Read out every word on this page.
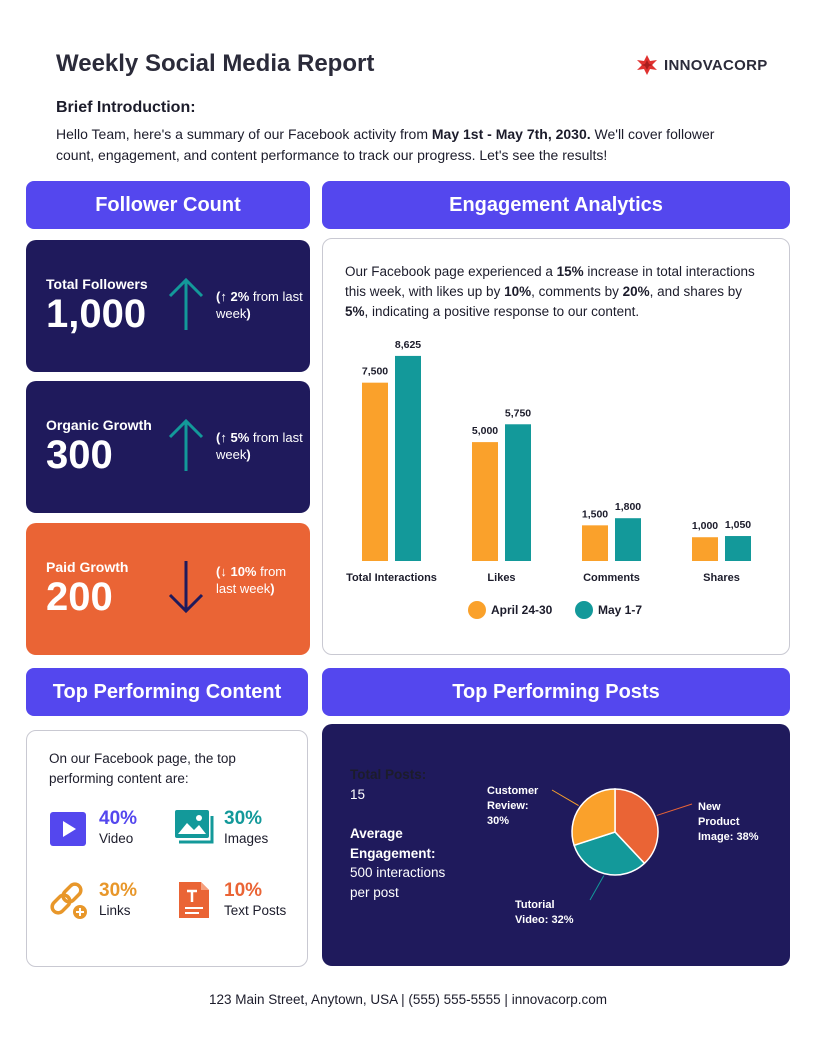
Weekly Social Media Report	INNOVACORP
Brief Introduction:
Hello Team, here's a summary of our Facebook activity from May 1st - May 7th, 2030. We'll cover follower count, engagement, and content performance to track our progress. Let's see the results!
Follower Count	Engagement Analytics
Top Performing Content	Top Performing Posts
Total Followers
1,000	(↑ 2% from last week)
Organic Growth
300	(↑ 5% from last week)
Paid Growth
200
(↓ 10% from last week)
Our Facebook page experienced a 15% increase in total interactions this week, with likes up by 10%, comments by 20%, and shares by 5%, indicating a positive response to our content.
7,500
8,625
Total Interactions
5,000
5,750
Likes
1,500
1,800
Comments
1,000 1,050
Shares
April 24-30	May 1-7
On our Facebook page, the top performing content are:
40%
Video
30%
Images
30%
Links
10%
Text Posts
Total Posts:
15
Average Engagement:
500 interactions per post
New Product Image: 38%
Tutorial Video: 32%
Customer Review: 30%
123 Main Street, Anytown, USA | (555) 555-5555 | innovacorp.com
